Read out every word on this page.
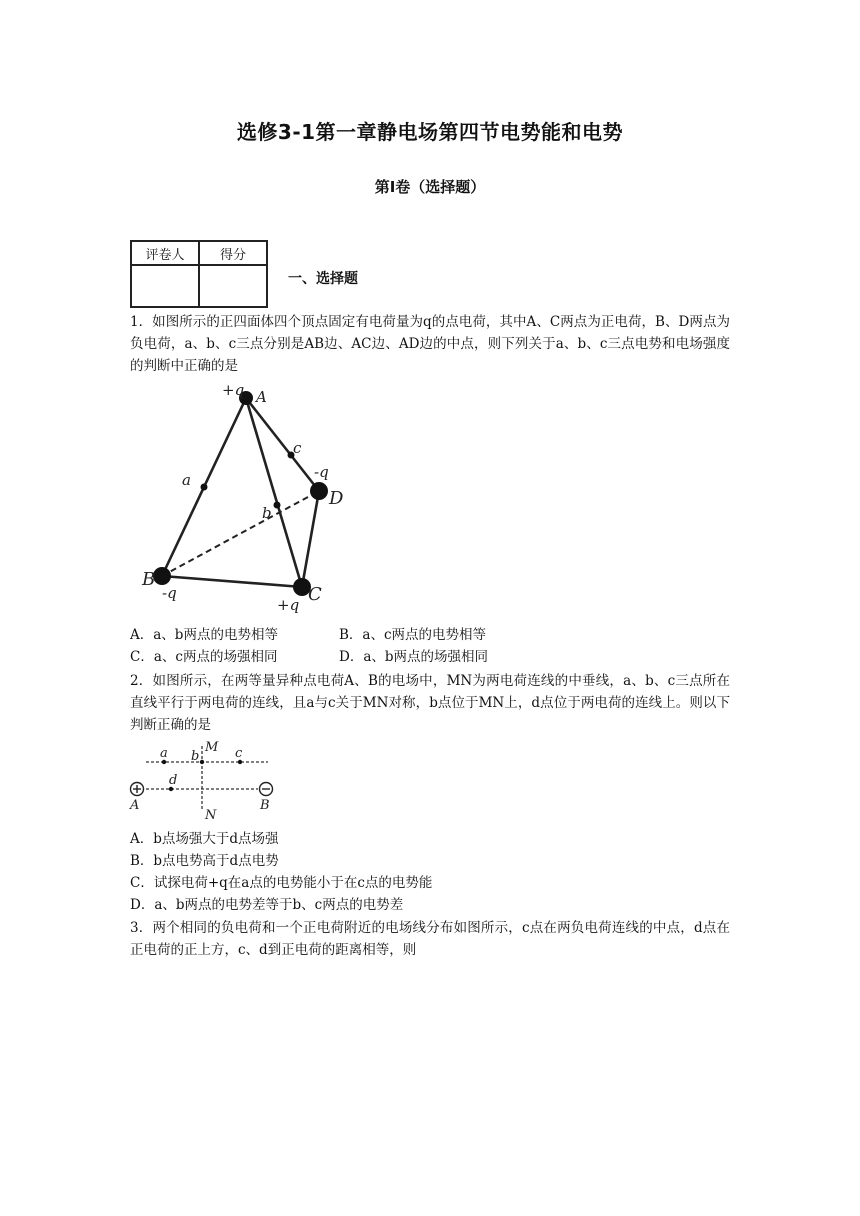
选修3-1第一章静电场第四节电势能和电势
第Ⅰ卷（选择题）
评卷人	得分

一、选择题
1．如图所示的正四面体四个顶点固定有电荷量为q的点电荷，其中A、C两点为正电荷，B、D两点为负电荷，a、b、c三点分别是AB边、AC边、AD边的中点，则下列关于a、b、c三点电势和电场强度的判断中正确的是
+q A
c
-q
D
a
b
B
-q	C
+q
A．a、b两点的电势相等	B．a、c两点的电势相等
C．a、c两点的场强相同	D．a、b两点的场强相同
2．如图所示，在两等量异种点电荷A、B的电场中，MN为两电荷连线的中垂线，a、b、c三点所在直线平行于两电荷的连线，且a与c关于MN对称，b点位于MN上，d点位于两电荷的连线上。则以下判断正确的是
a b
M c
d
A	B
N
A．b点场强大于d点场强
B．b点电势高于d点电势
C．试探电荷+q在a点的电势能小于在c点的电势能
D．a、b两点的电势差等于b、c两点的电势差
3．两个相同的负电荷和一个正电荷附近的电场线分布如图所示，c点在两负电荷连线的中点，d点在正电荷的正上方，c、d到正电荷的距离相等，则
